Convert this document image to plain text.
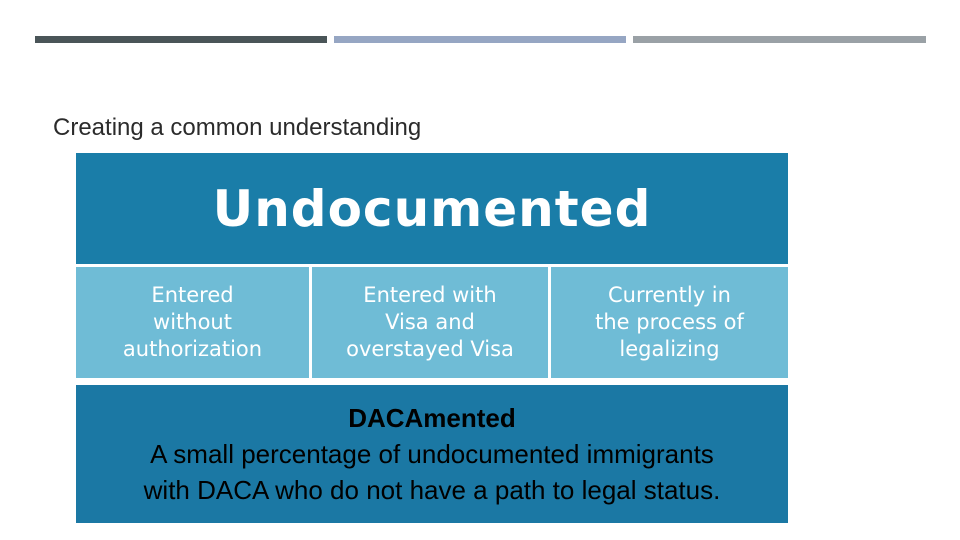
Creating a common understanding
Undocumented
Entered
without
authorization
Entered with
Visa and
overstayed Visa
Currently in
the process of
legalizing
DACAmented
A small percentage of undocumented immigrants
with DACA who do not have a path to legal status.
